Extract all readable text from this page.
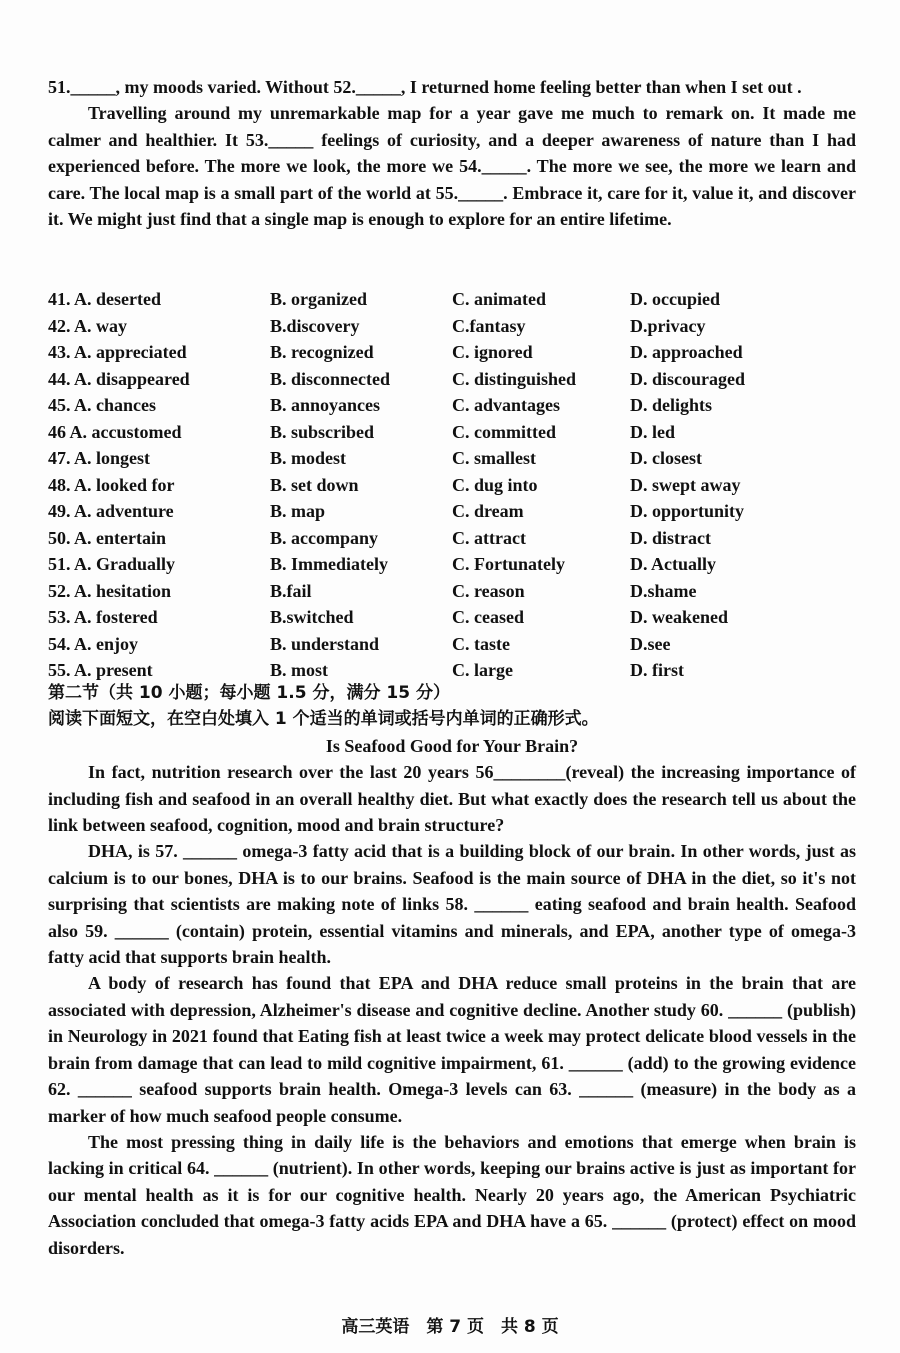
51._____, my moods varied. Without 52._____, I returned home feeling better than when I set out .

Travelling around my unremarkable map for a year gave me much to remark on. It made me calmer and healthier. It 53._____ feelings of curiosity, and a deeper awareness of nature than I had experienced before. The more we look, the more we 54._____. The more we see, the more we learn and care. The local map is a small part of the world at 55._____. Embrace it, care for it, value it, and discover it. We might just find that a single map is enough to explore for an entire lifetime.

41. A. deserted	B. organized	C. animated	D. occupied
42. A. way	B.discovery	C.fantasy	D.privacy
43. A. appreciated	B. recognized	C. ignored	D. approached
44. A. disappeared	B. disconnected	C. distinguished	D. discouraged
45. A. chances	B. annoyances	C. advantages	D. delights
46 A. accustomed	B. subscribed	C. committed	D. led
47. A. longest	B. modest	C. smallest	D. closest
48. A. looked for	B. set down	C. dug into	D. swept away
49. A. adventure	B. map	C. dream	D. opportunity
50. A. entertain	B. accompany	C. attract	D. distract
51. A. Gradually	B. Immediately	C. Fortunately	D. Actually
52. A. hesitation	B.fail	C. reason	D.shame
53. A. fostered	B.switched	C. ceased	D. weakened
54. A. enjoy	B. understand	C. taste	D.see
55. A. present	B. most	C. large	D. first
第二节（共 10 小题；每小题 1.5 分，满分 15 分）
阅读下面短文，在空白处填入 1 个适当的单词或括号内单词的正确形式。
Is Seafood Good for Your Brain?

In fact, nutrition research over the last 20 years 56________(reveal) the increasing importance of including fish and seafood in an overall healthy diet. But what exactly does the research tell us about the link between seafood, cognition, mood and brain structure?

DHA, is 57. ______ omega-3 fatty acid that is a building block of our brain. In other words, just as calcium is to our bones, DHA is to our brains. Seafood is the main source of DHA in the diet, so it's not surprising that scientists are making note of links 58. ______ eating seafood and brain health. Seafood also 59. ______ (contain) protein, essential vitamins and minerals, and EPA, another type of omega-3 fatty acid that supports brain health.

A body of research has found that EPA and DHA reduce small proteins in the brain that are associated with depression, Alzheimer's disease and cognitive decline. Another study 60. ______ (publish) in Neurology in 2021 found that Eating fish at least twice a week may protect delicate blood vessels in the brain from damage that can lead to mild cognitive impairment, 61. ______ (add) to the growing evidence 62. ______ seafood supports brain health. Omega-3 levels can 63. ______ (measure) in the body as a marker of how much seafood people consume.

The most pressing thing in daily life is the behaviors and emotions that emerge when brain is lacking in critical 64. ______ (nutrient). In other words, keeping our brains active is just as important for our mental health as it is for our cognitive health. Nearly 20 years ago, the American Psychiatric Association concluded that omega-3 fatty acids EPA and DHA have a 65. ______ (protect) effect on mood disorders.

高三英语　第 7 页　共 8 页
